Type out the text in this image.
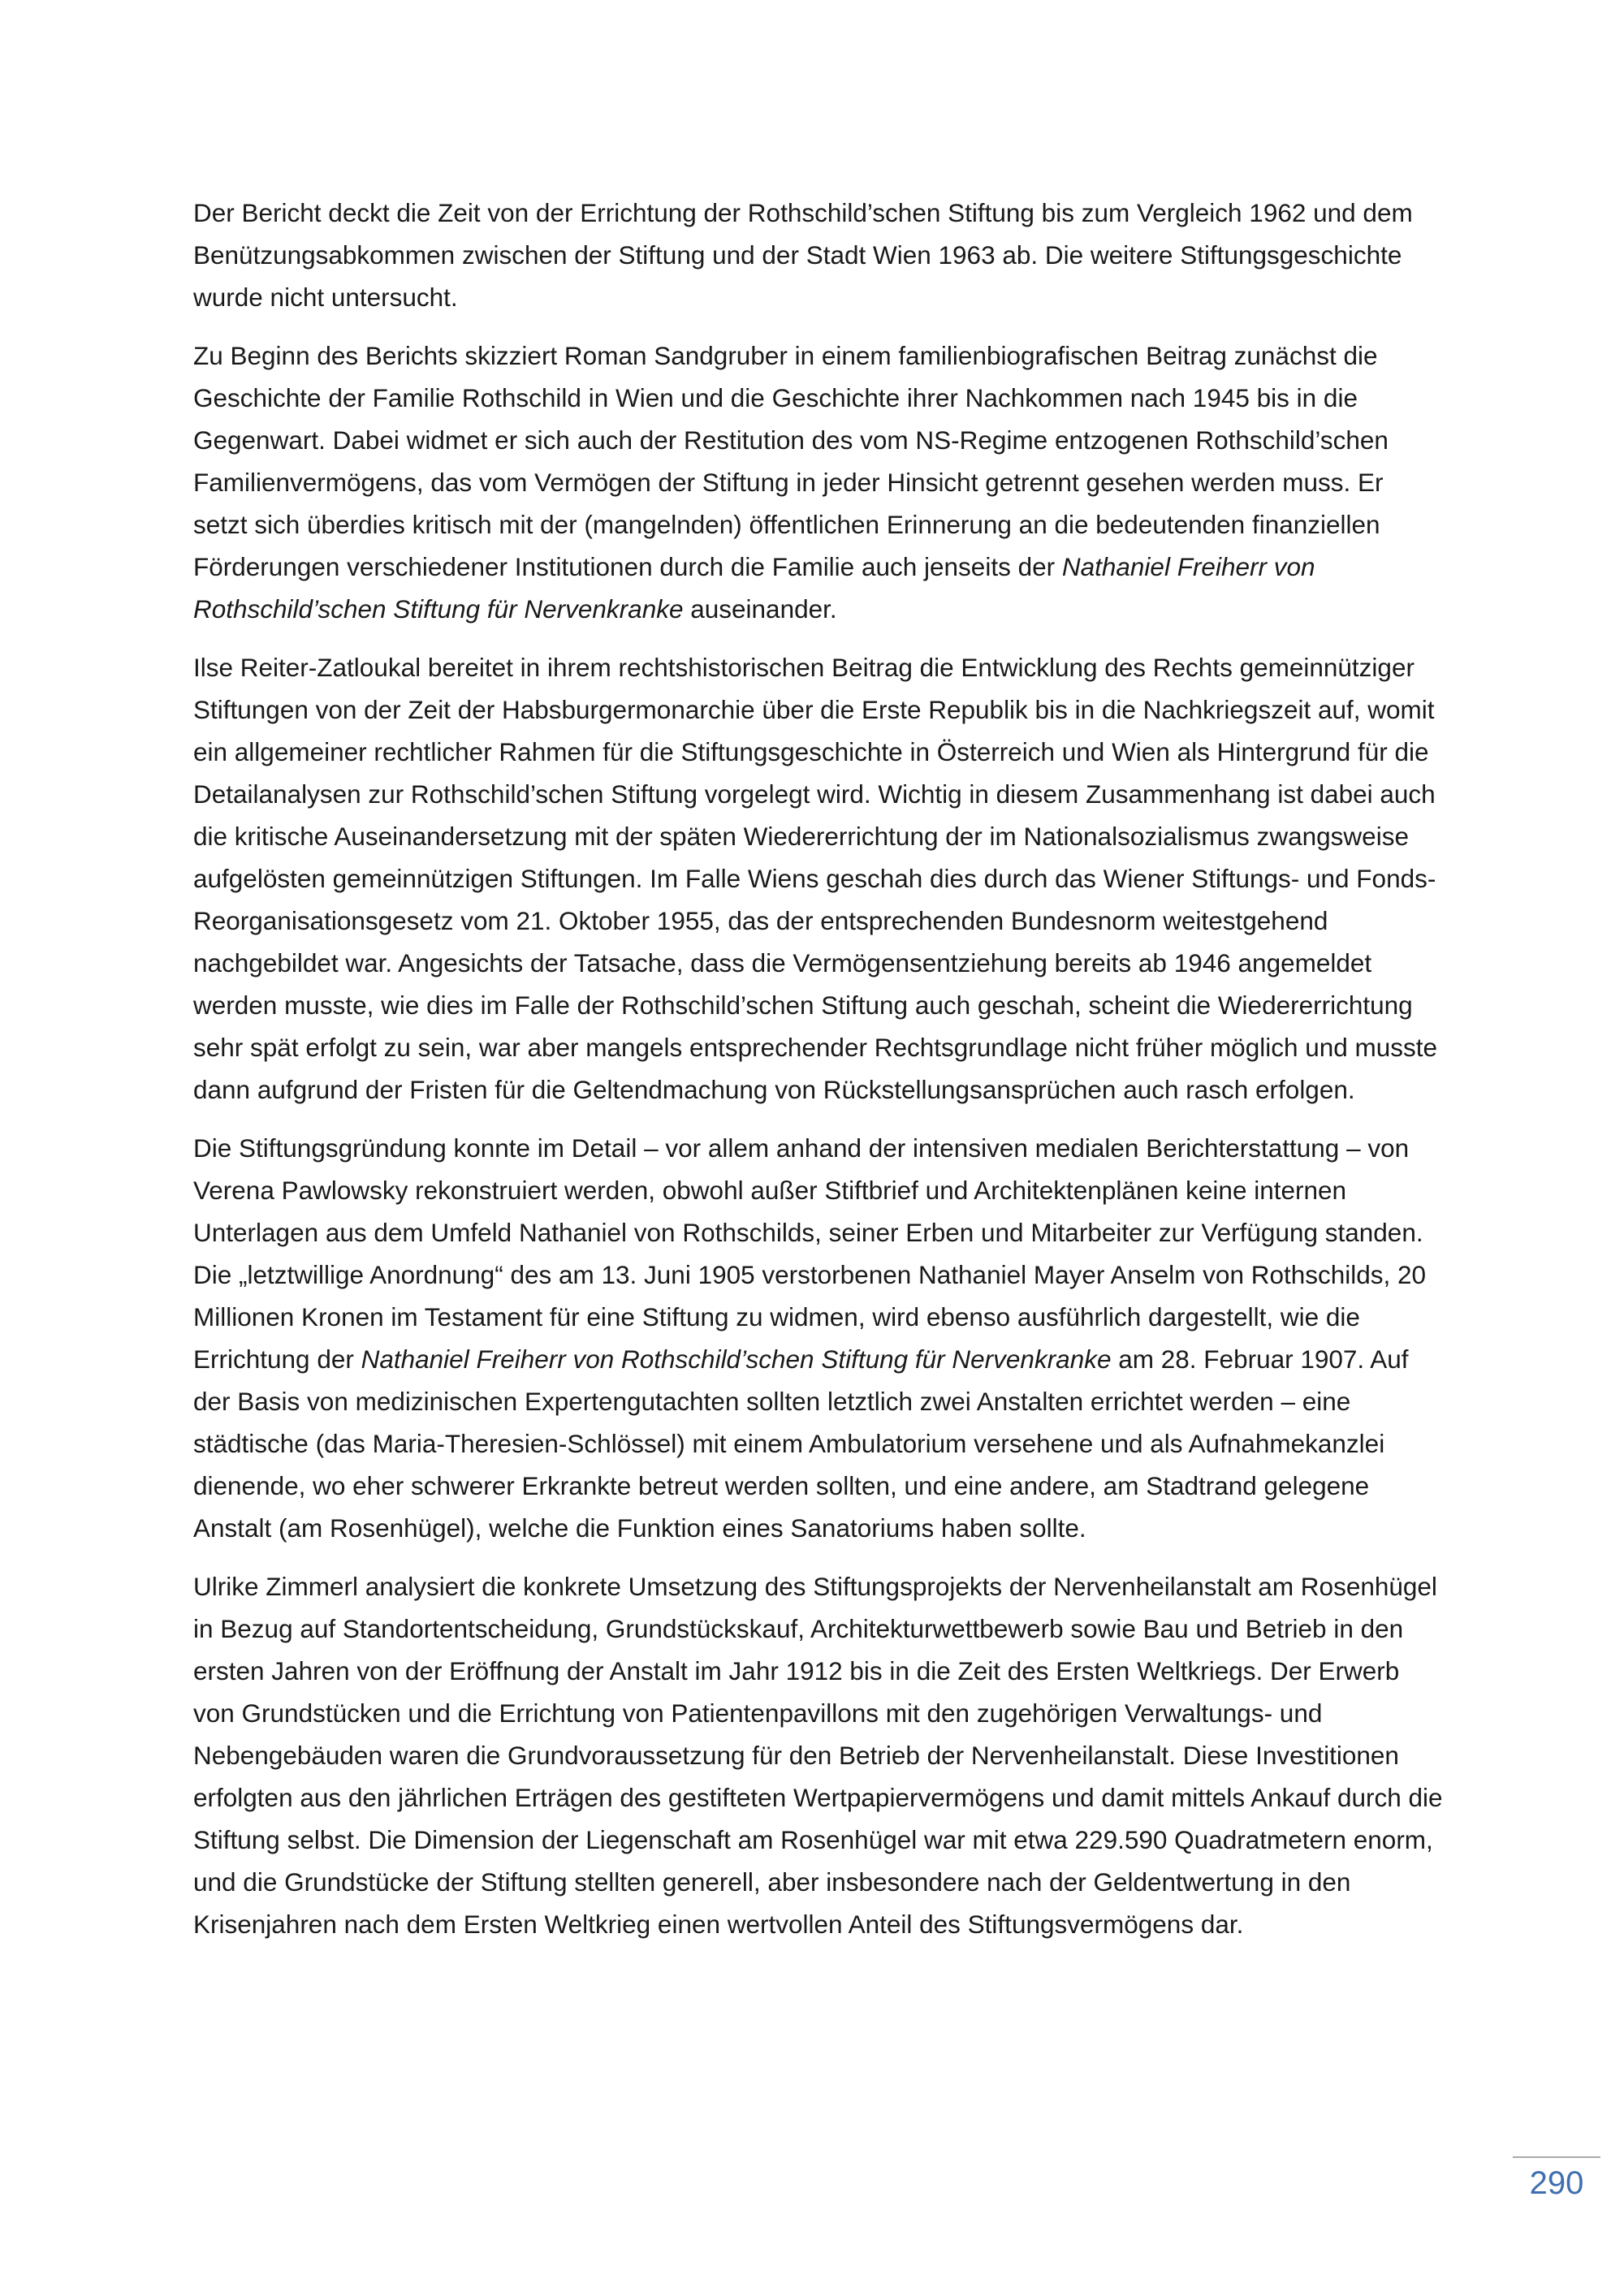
Der Bericht deckt die Zeit von der Errichtung der Rothschild’schen Stiftung bis zum Vergleich 1962 und dem Benützungsabkommen zwischen der Stiftung und der Stadt Wien 1963 ab. Die weitere Stiftungsgeschichte wurde nicht untersucht.

Zu Beginn des Berichts skizziert Roman Sandgruber in einem familienbiografischen Beitrag zunächst die Geschichte der Familie Rothschild in Wien und die Geschichte ihrer Nachkommen nach 1945 bis in die Gegenwart. Dabei widmet er sich auch der Restitution des vom NS-Regime entzogenen Rothschild’schen Familienvermögens, das vom Vermögen der Stiftung in jeder Hinsicht getrennt gesehen werden muss. Er setzt sich überdies kritisch mit der (mangelnden) öffentlichen Erinnerung an die bedeutenden finanziellen Förderungen verschiedener Institutionen durch die Familie auch jenseits der Nathaniel Freiherr von Rothschild’schen Stiftung für Nervenkranke auseinander.

Ilse Reiter-Zatloukal bereitet in ihrem rechtshistorischen Beitrag die Entwicklung des Rechts gemeinnütziger Stiftungen von der Zeit der Habsburgermonarchie über die Erste Republik bis in die Nachkriegszeit auf, womit ein allgemeiner rechtlicher Rahmen für die Stiftungsgeschichte in Österreich und Wien als Hintergrund für die Detailanalysen zur Rothschild’schen Stiftung vorgelegt wird. Wichtig in diesem Zusammenhang ist dabei auch die kritische Auseinandersetzung mit der späten Wiedererrichtung der im Nationalsozialismus zwangsweise aufgelösten gemeinnützigen Stiftungen. Im Falle Wiens geschah dies durch das Wiener Stiftungs- und Fonds-Reorganisationsgesetz vom 21. Oktober 1955, das der entsprechenden Bundesnorm weitestgehend nachgebildet war. Angesichts der Tatsache, dass die Vermögensentziehung bereits ab 1946 angemeldet werden musste, wie dies im Falle der Rothschild’schen Stiftung auch geschah, scheint die Wiedererrichtung sehr spät erfolgt zu sein, war aber mangels entsprechender Rechtsgrundlage nicht früher möglich und musste dann aufgrund der Fristen für die Geltendmachung von Rückstellungsansprüchen auch rasch erfolgen.

Die Stiftungsgründung konnte im Detail – vor allem anhand der intensiven medialen Berichterstattung – von Verena Pawlowsky rekonstruiert werden, obwohl außer Stiftbrief und Architektenplänen keine internen Unterlagen aus dem Umfeld Nathaniel von Rothschilds, seiner Erben und Mitarbeiter zur Verfügung standen. Die „letztwillige Anordnung“ des am 13. Juni 1905 verstorbenen Nathaniel Mayer Anselm von Rothschilds, 20 Millionen Kronen im Testament für eine Stiftung zu widmen, wird ebenso ausführlich dargestellt, wie die Errichtung der Nathaniel Freiherr von Rothschild’schen Stiftung für Nervenkranke am 28. Februar 1907. Auf der Basis von medizinischen Expertengutachten sollten letztlich zwei Anstalten errichtet werden – eine städtische (das Maria-Theresien-Schlössel) mit einem Ambulatorium versehene und als Aufnahmekanzlei dienende, wo eher schwerer Erkrankte betreut werden sollten, und eine andere, am Stadtrand gelegene Anstalt (am Rosenhügel), welche die Funktion eines Sanatoriums haben sollte.

Ulrike Zimmerl analysiert die konkrete Umsetzung des Stiftungsprojekts der Nervenheilanstalt am Rosenhügel in Bezug auf Standortentscheidung, Grundstückskauf, Architekturwettbewerb sowie Bau und Betrieb in den ersten Jahren von der Eröffnung der Anstalt im Jahr 1912 bis in die Zeit des Ersten Weltkriegs. Der Erwerb von Grundstücken und die Errichtung von Patientenpavillons mit den zugehörigen Verwaltungs- und Nebengebäuden waren die Grundvoraussetzung für den Betrieb der Nervenheilanstalt. Diese Investitionen erfolgten aus den jährlichen Erträgen des gestifteten Wertpapiervermögens und damit mittels Ankauf durch die Stiftung selbst. Die Dimension der Liegenschaft am Rosenhügel war mit etwa 229.590 Quadratmetern enorm, und die Grundstücke der Stiftung stellten generell, aber insbesondere nach der Geldentwertung in den Krisenjahren nach dem Ersten Weltkrieg einen wertvollen Anteil des Stiftungsvermögens dar.

290
